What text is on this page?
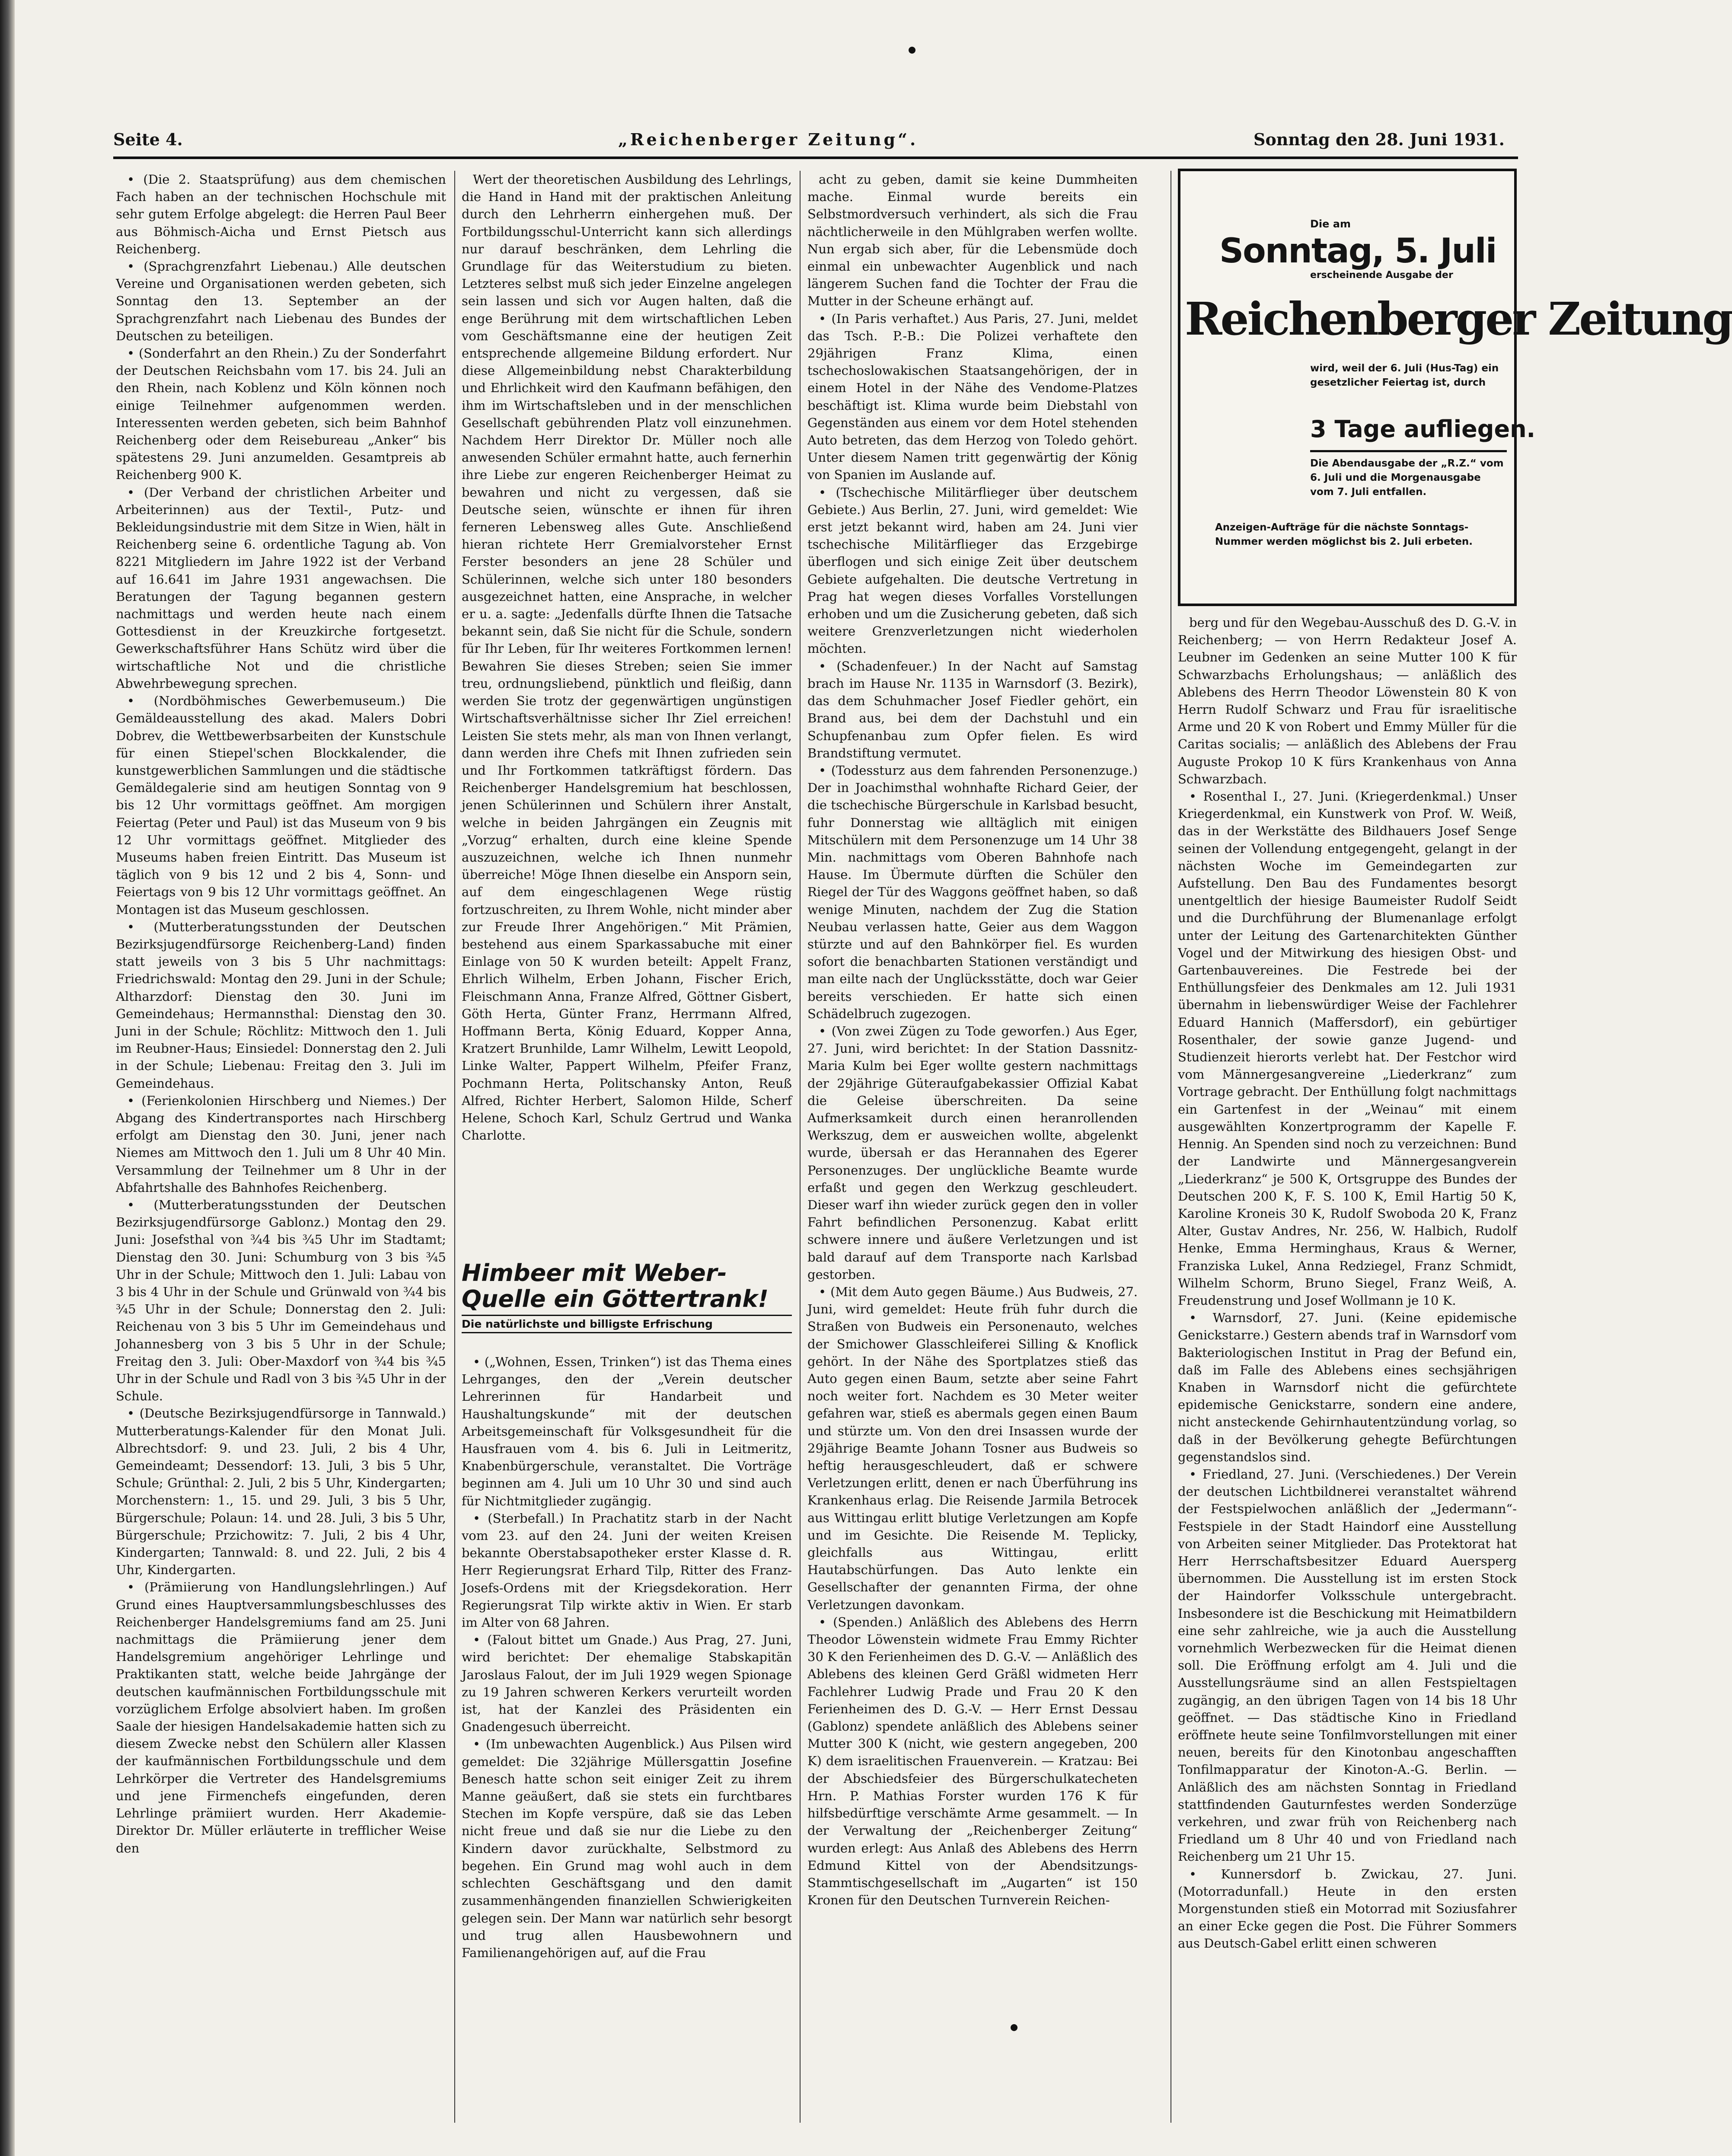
Seite 4.	„Reichenberger Zeitung“.	Sonntag den 28. Juni 1931.

• (Die 2. Staatsprüfung) aus dem chemischen Fach haben an der technischen Hochschule mit sehr gutem Erfolge abgelegt: die Herren Paul Beer aus Böhmisch-Aicha und Ernst Pietsch aus Reichenberg.

• (Sprachgrenzfahrt Liebenau.) Alle deutschen Vereine und Organisationen werden gebeten, sich Sonntag den 13. September an der Sprachgrenzfahrt nach Liebenau des Bundes der Deutschen zu beteiligen.

• (Sonderfahrt an den Rhein.) Zu der Sonderfahrt der Deutschen Reichsbahn vom 17. bis 24. Juli an den Rhein, nach Koblenz und Köln können noch einige Teilnehmer aufgenommen werden. Interessenten werden gebeten, sich beim Bahnhof Reichenberg oder dem Reisebureau „Anker“ bis spätestens 29. Juni anzumelden. Gesamtpreis ab Reichenberg 900 K.

• (Der Verband der christlichen Arbeiter und Arbeiterinnen) aus der Textil-, Putz- und Bekleidungsindustrie mit dem Sitze in Wien, hält in Reichenberg seine 6. ordentliche Tagung ab. Von 8221 Mitgliedern im Jahre 1922 ist der Verband auf 16.641 im Jahre 1931 angewachsen. Die Beratungen der Tagung begannen gestern nachmittags und werden heute nach einem Gottesdienst in der Kreuzkirche fortgesetzt. Gewerkschaftsführer Hans Schütz wird über die wirtschaftliche Not und die christliche Abwehrbewegung sprechen.

• (Nordböhmisches Gewerbemuseum.) Die Gemäldeausstellung des akad. Malers Dobri Dobrev, die Wettbewerbsarbeiten der Kunstschule für einen Stiepel'schen Blockkalender, die kunstgewerblichen Sammlungen und die städtische Gemäldegalerie sind am heutigen Sonntag von 9 bis 12 Uhr vormittags geöffnet. Am morgigen Feiertag (Peter und Paul) ist das Museum von 9 bis 12 Uhr vormittags geöffnet. Mitglieder des Museums haben freien Eintritt. Das Museum ist täglich von 9 bis 12 und 2 bis 4, Sonn- und Feiertags von 9 bis 12 Uhr vormittags geöffnet. An Montagen ist das Museum geschlossen.

• (Mutterberatungsstunden der Deutschen Bezirksjugendfürsorge Reichenberg-Land) finden statt jeweils von 3 bis 5 Uhr nachmittags: Friedrichswald: Montag den 29. Juni in der Schule; Altharzdorf: Dienstag den 30. Juni im Gemeindehaus; Hermannsthal: Dienstag den 30. Juni in der Schule; Röchlitz: Mittwoch den 1. Juli im Reubner-Haus; Einsiedel: Donnerstag den 2. Juli in der Schule; Liebenau: Freitag den 3. Juli im Gemeindehaus.

• (Ferienkolonien Hirschberg und Niemes.) Der Abgang des Kindertransportes nach Hirschberg erfolgt am Dienstag den 30. Juni, jener nach Niemes am Mittwoch den 1. Juli um 8 Uhr 40 Min. Versammlung der Teilnehmer um 8 Uhr in der Abfahrtshalle des Bahnhofes Reichenberg.

• (Mutterberatungsstunden der Deutschen Bezirksjugendfürsorge Gablonz.) Montag den 29. Juni: Josefsthal von ¾4 bis ¾5 Uhr im Stadtamt; Dienstag den 30. Juni: Schumburg von 3 bis ¾5 Uhr in der Schule; Mittwoch den 1. Juli: Labau von 3 bis 4 Uhr in der Schule und Grünwald von ¾4 bis ¾5 Uhr in der Schule; Donnerstag den 2. Juli: Reichenau von 3 bis 5 Uhr im Gemeindehaus und Johannesberg von 3 bis 5 Uhr in der Schule; Freitag den 3. Juli: Ober-Maxdorf von ¾4 bis ¾5 Uhr in der Schule und Radl von 3 bis ¾5 Uhr in der Schule.

• (Deutsche Bezirksjugendfürsorge in Tannwald.) Mutterberatungs-Kalender für den Monat Juli. Albrechtsdorf: 9. und 23. Juli, 2 bis 4 Uhr, Gemeindeamt; Dessendorf: 13. Juli, 3 bis 5 Uhr, Schule; Grünthal: 2. Juli, 2 bis 5 Uhr, Kindergarten; Morchenstern: 1., 15. und 29. Juli, 3 bis 5 Uhr, Bürgerschule; Polaun: 14. und 28. Juli, 3 bis 5 Uhr, Bürgerschule; Przichowitz: 7. Juli, 2 bis 4 Uhr, Kindergarten; Tannwald: 8. und 22. Juli, 2 bis 4 Uhr, Kindergarten.

• (Prämiierung von Handlungslehrlingen.) Auf Grund eines Hauptversammlungsbeschlusses des Reichenberger Handelsgremiums fand am 25. Juni nachmittags die Prämiierung jener dem Handelsgremium angehöriger Lehrlinge und Praktikanten statt, welche beide Jahrgänge der deutschen kaufmännischen Fortbildungsschule mit vorzüglichem Erfolge absolviert haben. Im großen Saale der hiesigen Handelsakademie hatten sich zu diesem Zwecke nebst den Schülern aller Klassen der kaufmännischen Fortbildungsschule und dem Lehrkörper die Vertreter des Handelsgremiums und jene Firmenchefs eingefunden, deren Lehrlinge prämiiert wurden. Herr Akademie-Direktor Dr. Müller erläuterte in trefflicher Weise den

Wert der theoretischen Ausbildung des Lehrlings, die Hand in Hand mit der praktischen Anleitung durch den Lehrherrn einhergehen muß. Der Fortbildungsschul-Unterricht kann sich allerdings nur darauf beschränken, dem Lehrling die Grundlage für das Weiterstudium zu bieten. Letzteres selbst muß sich jeder Einzelne angelegen sein lassen und sich vor Augen halten, daß die enge Berührung mit dem wirtschaftlichen Leben vom Geschäftsmanne eine der heutigen Zeit entsprechende allgemeine Bildung erfordert. Nur diese Allgemeinbildung nebst Charakterbildung und Ehrlichkeit wird den Kaufmann befähigen, den ihm im Wirtschaftsleben und in der menschlichen Gesellschaft gebührenden Platz voll einzunehmen. Nachdem Herr Direktor Dr. Müller noch alle anwesenden Schüler ermahnt hatte, auch fernerhin ihre Liebe zur engeren Reichenberger Heimat zu bewahren und nicht zu vergessen, daß sie Deutsche seien, wünschte er ihnen für ihren ferneren Lebensweg alles Gute. Anschließend hieran richtete Herr Gremialvorsteher Ernst Ferster besonders an jene 28 Schüler und Schülerinnen, welche sich unter 180 besonders ausgezeichnet hatten, eine Ansprache, in welcher er u. a. sagte: „Jedenfalls dürfte Ihnen die Tatsache bekannt sein, daß Sie nicht für die Schule, sondern für Ihr Leben, für Ihr weiteres Fortkommen lernen! Bewahren Sie dieses Streben; seien Sie immer treu, ordnungsliebend, pünktlich und fleißig, dann werden Sie trotz der gegenwärtigen ungünstigen Wirtschaftsverhältnisse sicher Ihr Ziel erreichen! Leisten Sie stets mehr, als man von Ihnen verlangt, dann werden ihre Chefs mit Ihnen zufrieden sein und Ihr Fortkommen tatkräftigst fördern. Das Reichenberger Handelsgremium hat beschlossen, jenen Schülerinnen und Schülern ihrer Anstalt, welche in beiden Jahrgängen ein Zeugnis mit „Vorzug“ erhalten, durch eine kleine Spende auszuzeichnen, welche ich Ihnen nunmehr überreiche! Möge Ihnen dieselbe ein Ansporn sein, auf dem eingeschlagenen Wege rüstig fortzuschreiten, zu Ihrem Wohle, nicht minder aber zur Freude Ihrer Angehörigen.“ Mit Prämien, bestehend aus einem Sparkassabuche mit einer Einlage von 50 K wurden beteilt: Appelt Franz, Ehrlich Wilhelm, Erben Johann, Fischer Erich, Fleischmann Anna, Franze Alfred, Göttner Gisbert, Göth Herta, Günter Franz, Herrmann Alfred, Hoffmann Berta, König Eduard, Kopper Anna, Kratzert Brunhilde, Lamr Wilhelm, Lewitt Leopold, Linke Walter, Pappert Wilhelm, Pfeifer Franz, Pochmann Herta, Politschansky Anton, Reuß Alfred, Richter Herbert, Salomon Hilde, Scherf Helene, Schoch Karl, Schulz Gertrud und Wanka Charlotte.

Himbeer mit Weber-Quelle ein Göttertrank!
Die natürlichste und billigste Erfrischung

• („Wohnen, Essen, Trinken“) ist das Thema eines Lehrganges, den der „Verein deutscher Lehrerinnen für Handarbeit und Haushaltungskunde“ mit der deutschen Arbeitsgemeinschaft für Volksgesundheit für die Hausfrauen vom 4. bis 6. Juli in Leitmeritz, Knabenbürgerschule, veranstaltet. Die Vorträge beginnen am 4. Juli um 10 Uhr 30 und sind auch für Nichtmitglieder zugängig.

• (Sterbefall.) In Prachatitz starb in der Nacht vom 23. auf den 24. Juni der weiten Kreisen bekannte Oberstabsapotheker erster Klasse d. R. Herr Regierungsrat Erhard Tilp, Ritter des Franz-Josefs-Ordens mit der Kriegsdekoration. Herr Regierungsrat Tilp wirkte aktiv in Wien. Er starb im Alter von 68 Jahren.

• (Falout bittet um Gnade.) Aus Prag, 27. Juni, wird berichtet: Der ehemalige Stabskapitän Jaroslaus Falout, der im Juli 1929 wegen Spionage zu 19 Jahren schweren Kerkers verurteilt worden ist, hat der Kanzlei des Präsidenten ein Gnadengesuch überreicht.

• (Im unbewachten Augenblick.) Aus Pilsen wird gemeldet: Die 32jährige Müllersgattin Josefine Benesch hatte schon seit einiger Zeit zu ihrem Manne geäußert, daß sie stets ein furchtbares Stechen im Kopfe verspüre, daß sie das Leben nicht freue und daß sie nur die Liebe zu den Kindern davor zurückhalte, Selbstmord zu begehen. Ein Grund mag wohl auch in dem schlechten Geschäftsgang und den damit zusammenhängenden finanziellen Schwierigkeiten gelegen sein. Der Mann war natürlich sehr besorgt und trug allen Hausbewohnern und Familienangehörigen auf, auf die Frau

acht zu geben, damit sie keine Dummheiten mache. Einmal wurde bereits ein Selbstmordversuch verhindert, als sich die Frau nächtlicherweile in den Mühlgraben werfen wollte. Nun ergab sich aber, für die Lebensmüde doch einmal ein unbewachter Augenblick und nach längerem Suchen fand die Tochter der Frau die Mutter in der Scheune erhängt auf.

• (In Paris verhaftet.) Aus Paris, 27. Juni, meldet das Tsch. P.-B.: Die Polizei verhaftete den 29jährigen Franz Klima, einen tschechoslowakischen Staatsangehörigen, der in einem Hotel in der Nähe des Vendome-Platzes beschäftigt ist. Klima wurde beim Diebstahl von Gegenständen aus einem vor dem Hotel stehenden Auto betreten, das dem Herzog von Toledo gehört. Unter diesem Namen tritt gegenwärtig der König von Spanien im Auslande auf.

• (Tschechische Militärflieger über deutschem Gebiete.) Aus Berlin, 27. Juni, wird gemeldet: Wie erst jetzt bekannt wird, haben am 24. Juni vier tschechische Militärflieger das Erzgebirge überflogen und sich einige Zeit über deutschem Gebiete aufgehalten. Die deutsche Vertretung in Prag hat wegen dieses Vorfalles Vorstellungen erhoben und um die Zusicherung gebeten, daß sich weitere Grenzverletzungen nicht wiederholen möchten.

• (Schadenfeuer.) In der Nacht auf Samstag brach im Hause Nr. 1135 in Warnsdorf (3. Bezirk), das dem Schuhmacher Josef Fiedler gehört, ein Brand aus, bei dem der Dachstuhl und ein Schupfenanbau zum Opfer fielen. Es wird Brandstiftung vermutet.

• (Todessturz aus dem fahrenden Personenzuge.) Der in Joachimsthal wohnhafte Richard Geier, der die tschechische Bürgerschule in Karlsbad besucht, fuhr Donnerstag wie alltäglich mit einigen Mitschülern mit dem Personenzuge um 14 Uhr 38 Min. nachmittags vom Oberen Bahnhofe nach Hause. Im Übermute dürften die Schüler den Riegel der Tür des Waggons geöffnet haben, so daß wenige Minuten, nachdem der Zug die Station Neubau verlassen hatte, Geier aus dem Waggon stürzte und auf den Bahnkörper fiel. Es wurden sofort die benachbarten Stationen verständigt und man eilte nach der Unglücksstätte, doch war Geier bereits verschieden. Er hatte sich einen Schädelbruch zugezogen.

• (Von zwei Zügen zu Tode geworfen.) Aus Eger, 27. Juni, wird berichtet: In der Station Dassnitz-Maria Kulm bei Eger wollte gestern nachmittags der 29jährige Güteraufgabekassier Offizial Kabat die Geleise überschreiten. Da seine Aufmerksamkeit durch einen heranrollenden Werkszug, dem er ausweichen wollte, abgelenkt wurde, übersah er das Herannahen des Egerer Personenzuges. Der unglückliche Beamte wurde erfaßt und gegen den Werkzug geschleudert. Dieser warf ihn wieder zurück gegen den in voller Fahrt befindlichen Personenzug. Kabat erlitt schwere innere und äußere Verletzungen und ist bald darauf auf dem Transporte nach Karlsbad gestorben.

• (Mit dem Auto gegen Bäume.) Aus Budweis, 27. Juni, wird gemeldet: Heute früh fuhr durch die Straßen von Budweis ein Personenauto, welches der Smichower Glasschleiferei Silling & Knoflick gehört. In der Nähe des Sportplatzes stieß das Auto gegen einen Baum, setzte aber seine Fahrt noch weiter fort. Nachdem es 30 Meter weiter gefahren war, stieß es abermals gegen einen Baum und stürzte um. Von den drei Insassen wurde der 29jährige Beamte Johann Tosner aus Budweis so heftig herausgeschleudert, daß er schwere Verletzungen erlitt, denen er nach Überführung ins Krankenhaus erlag. Die Reisende Jarmila Betrocek aus Wittingau erlitt blutige Verletzungen am Kopfe und im Gesichte. Die Reisende M. Teplicky, gleichfalls aus Wittingau, erlitt Hautabschürfungen. Das Auto lenkte ein Gesellschafter der genannten Firma, der ohne Verletzungen davonkam.

• (Spenden.) Anläßlich des Ablebens des Herrn Theodor Löwenstein widmete Frau Emmy Richter 30 K den Ferienheimen des D. G.-V. — Anläßlich des Ablebens des kleinen Gerd Gräßl widmeten Herr Fachlehrer Ludwig Prade und Frau 20 K den Ferienheimen des D. G.-V. — Herr Ernst Dessau (Gablonz) spendete anläßlich des Ablebens seiner Mutter 300 K (nicht, wie gestern angegeben, 200 K) dem israelitischen Frauenverein. — Kratzau: Bei der Abschiedsfeier des Bürgerschulkatecheten Hrn. P. Mathias Forster wurden 176 K für hilfsbedürftige verschämte Arme gesammelt. — In der Verwaltung der „Reichenberger Zeitung“ wurden erlegt: Aus Anlaß des Ablebens des Herrn Edmund Kittel von der Abendsitzungs-Stammtischgesellschaft im „Augarten“ ist 150 Kronen für den Deutschen Turnverein Reichen-

Die am
Sonntag, 5. Juli
erscheinende Ausgabe der
Reichenberger Zeitung
wird, weil der 6. Juli (Hus-Tag) ein gesetzlicher Feiertag ist, durch
3 Tage aufliegen.
Die Abendausgabe der „R.Z.“ vom 6. Juli und die Morgenausgabe vom 7. Juli entfallen.
Anzeigen-Aufträge für die nächste Sonntags-Nummer werden möglichst bis 2. Juli erbeten.

berg und für den Wegebau-Ausschuß des D. G.-V. in Reichenberg; — von Herrn Redakteur Josef A. Leubner im Gedenken an seine Mutter 100 K für Schwarzbachs Erholungshaus; — anläßlich des Ablebens des Herrn Theodor Löwenstein 80 K von Herrn Rudolf Schwarz und Frau für israelitische Arme und 20 K von Robert und Emmy Müller für die Caritas socialis; — anläßlich des Ablebens der Frau Auguste Prokop 10 K fürs Krankenhaus von Anna Schwarzbach.

• Rosenthal I., 27. Juni. (Kriegerdenkmal.) Unser Kriegerdenkmal, ein Kunstwerk von Prof. W. Weiß, das in der Werkstätte des Bildhauers Josef Senge seinen der Vollendung entgegengeht, gelangt in der nächsten Woche im Gemeindegarten zur Aufstellung. Den Bau des Fundamentes besorgt unentgeltlich der hiesige Baumeister Rudolf Seidt und die Durchführung der Blumenanlage erfolgt unter der Leitung des Gartenarchitekten Günther Vogel und der Mitwirkung des hiesigen Obst- und Gartenbauvereines. Die Festrede bei der Enthüllungsfeier des Denkmales am 12. Juli 1931 übernahm in liebenswürdiger Weise der Fachlehrer Eduard Hannich (Maffersdorf), ein gebürtiger Rosenthaler, der sowie ganze Jugend- und Studienzeit hierorts verlebt hat. Der Festchor wird vom Männergesangvereine „Liederkranz“ zum Vortrage gebracht. Der Enthüllung folgt nachmittags ein Gartenfest in der „Weinau“ mit einem ausgewählten Konzertprogramm der Kapelle F. Hennig. An Spenden sind noch zu verzeichnen: Bund der Landwirte und Männergesangverein „Liederkranz“ je 500 K, Ortsgruppe des Bundes der Deutschen 200 K, F. S. 100 K, Emil Hartig 50 K, Karoline Kroneis 30 K, Rudolf Swoboda 20 K, Franz Alter, Gustav Andres, Nr. 256, W. Halbich, Rudolf Henke, Emma Herminghaus, Kraus & Werner, Franziska Lukel, Anna Redziegel, Franz Schmidt, Wilhelm Schorm, Bruno Siegel, Franz Weiß, A. Freudenstrung und Josef Wollmann je 10 K.

• Warnsdorf, 27. Juni. (Keine epidemische Genickstarre.) Gestern abends traf in Warnsdorf vom Bakteriologischen Institut in Prag der Befund ein, daß im Falle des Ablebens eines sechsjährigen Knaben in Warnsdorf nicht die gefürchtete epidemische Genickstarre, sondern eine andere, nicht ansteckende Gehirnhautentzündung vorlag, so daß in der Bevölkerung gehegte Befürchtungen gegenstandslos sind.

• Friedland, 27. Juni. (Verschiedenes.) Der Verein der deutschen Lichtbildnerei veranstaltet während der Festspielwochen anläßlich der „Jedermann“-Festspiele in der Stadt Haindorf eine Ausstellung von Arbeiten seiner Mitglieder. Das Protektorat hat Herr Herrschaftsbesitzer Eduard Auersperg übernommen. Die Ausstellung ist im ersten Stock der Haindorfer Volksschule untergebracht. Insbesondere ist die Beschickung mit Heimatbildern eine sehr zahlreiche, wie ja auch die Ausstellung vornehmlich Werbezwecken für die Heimat dienen soll. Die Eröffnung erfolgt am 4. Juli und die Ausstellungsräume sind an allen Festspieltagen zugängig, an den übrigen Tagen von 14 bis 18 Uhr geöffnet. — Das städtische Kino in Friedland eröffnete heute seine Tonfilmvorstellungen mit einer neuen, bereits für den Kinotonbau angeschafften Tonfilmapparatur der Kinoton-A.-G. Berlin. — Anläßlich des am nächsten Sonntag in Friedland stattfindenden Gauturnfestes werden Sonderzüge verkehren, und zwar früh von Reichenberg nach Friedland um 8 Uhr 40 und von Friedland nach Reichenberg um 21 Uhr 15.

• Kunnersdorf b. Zwickau, 27. Juni. (Motorradunfall.) Heute in den ersten Morgenstunden stieß ein Motorrad mit Soziusfahrer an einer Ecke gegen die Post. Die Führer Sommers aus Deutsch-Gabel erlitt einen schweren
